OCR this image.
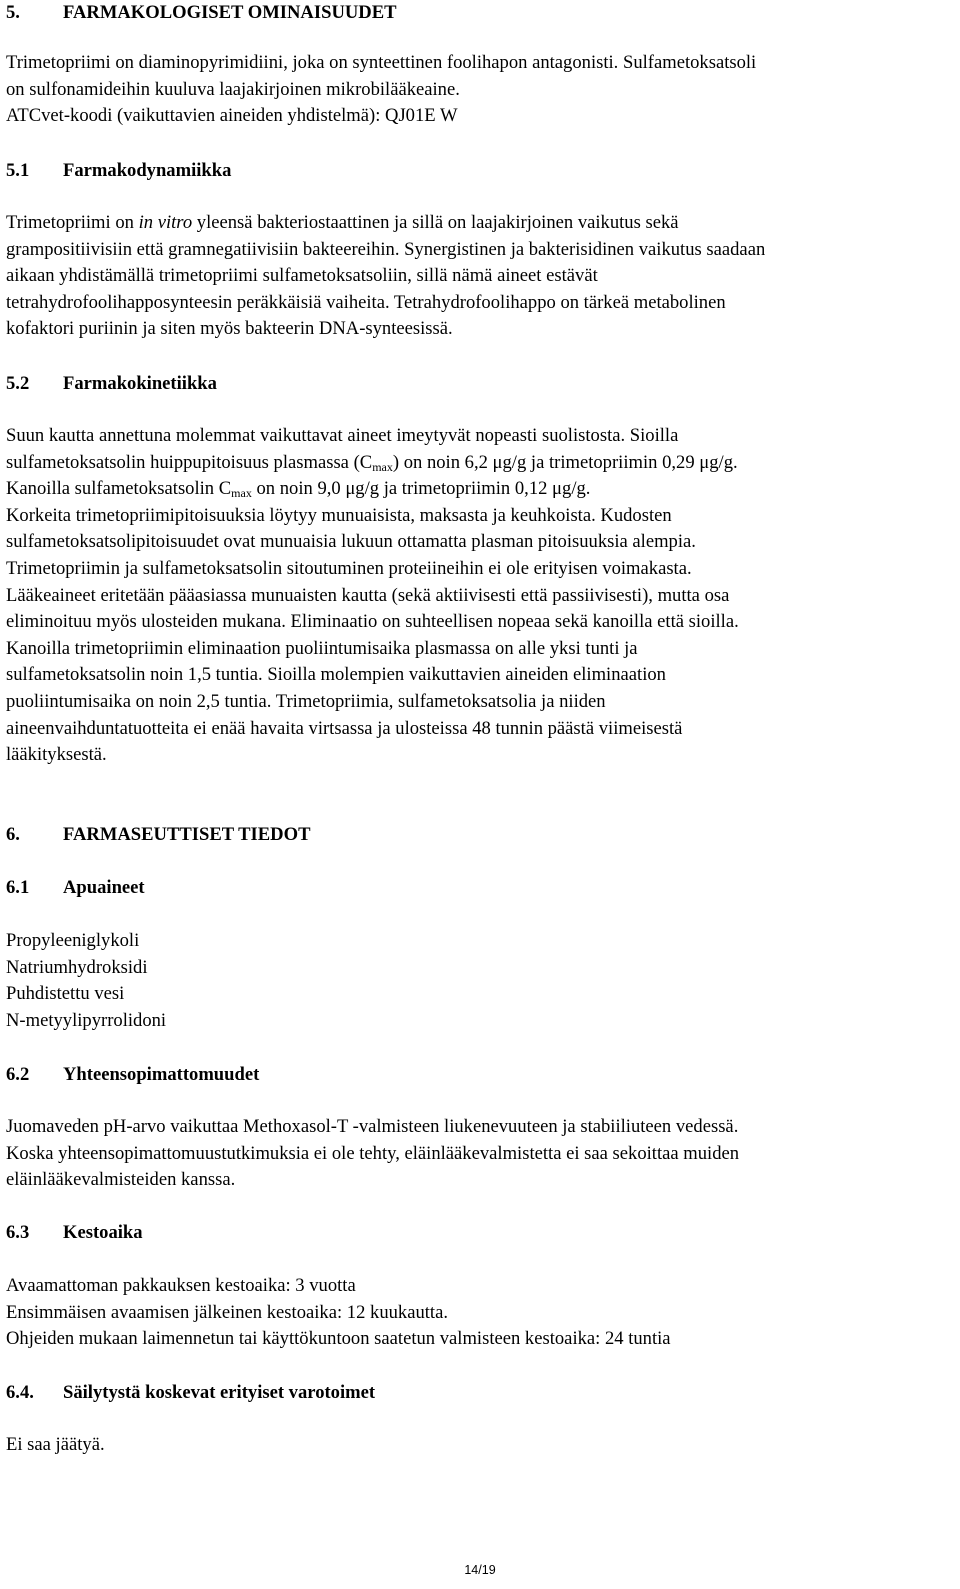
5. FARMAKOLOGISET OMINAISUUDET
Trimetopriimi on diaminopyrimidiini, joka on synteettinen foolihapon antagonisti. Sulfametoksatsoli
on sulfonamideihin kuuluva laajakirjoinen mikrobilääkeaine.
ATCvet-koodi (vaikuttavien aineiden yhdistelmä): QJ01E W
5.1 Farmakodynamiikka
Trimetopriimi on in vitro yleensä bakteriostaattinen ja sillä on laajakirjoinen vaikutus sekä
grampositiivisiin että gramnegatiivisiin bakteereihin. Synergistinen ja bakterisidinen vaikutus saadaan
aikaan yhdistämällä trimetopriimi sulfametoksatsoliin, sillä nämä aineet estävät
tetrahydrofoolihapposynteesin peräkkäisiä vaiheita. Tetrahydrofoolihappo on tärkeä metabolinen
kofaktori puriinin ja siten myös bakteerin DNA-synteesissä.
5.2 Farmakokinetiikka
Suun kautta annettuna molemmat vaikuttavat aineet imeytyvät nopeasti suolistosta. Sioilla
sulfametoksatsolin huippupitoisuus plasmassa (Cmax) on noin 6,2 μg/g ja trimetopriimin 0,29 μg/g.
Kanoilla sulfametoksatsolin Cmax on noin 9,0 μg/g ja trimetopriimin 0,12 μg/g.
Korkeita trimetopriimipitoisuuksia löytyy munuaisista, maksasta ja keuhkoista. Kudosten
sulfametoksatsolipitoisuudet ovat munuaisia lukuun ottamatta plasman pitoisuuksia alempia.
Trimetopriimin ja sulfametoksatsolin sitoutuminen proteiineihin ei ole erityisen voimakasta.
Lääkeaineet eritetään pääasiassa munuaisten kautta (sekä aktiivisesti että passiivisesti), mutta osa
eliminoituu myös ulosteiden mukana. Eliminaatio on suhteellisen nopeaa sekä kanoilla että sioilla.
Kanoilla trimetopriimin eliminaation puoliintumisaika plasmassa on alle yksi tunti ja
sulfametoksatsolin noin 1,5 tuntia. Sioilla molempien vaikuttavien aineiden eliminaation
puoliintumisaika on noin 2,5 tuntia. Trimetopriimia, sulfametoksatsolia ja niiden
aineenvaihduntatuotteita ei enää havaita virtsassa ja ulosteissa 48 tunnin päästä viimeisestä
lääkityksestä.
6. FARMASEUTTISET TIEDOT
6.1 Apuaineet
Propyleeniglykoli
Natriumhydroksidi
Puhdistettu vesi
N-metyylipyrrolidoni
6.2 Yhteensopimattomuudet
Juomaveden pH-arvo vaikuttaa Methoxasol-T -valmisteen liukenevuuteen ja stabiiliuteen vedessä.
Koska yhteensopimattomuustutkimuksia ei ole tehty, eläinlääkevalmistetta ei saa sekoittaa muiden
eläinlääkevalmisteiden kanssa.
6.3 Kestoaika
Avaamattoman pakkauksen kestoaika: 3 vuotta
Ensimmäisen avaamisen jälkeinen kestoaika: 12 kuukautta.
Ohjeiden mukaan laimennetun tai käyttökuntoon saatetun valmisteen kestoaika: 24 tuntia
6.4. Säilytystä koskevat erityiset varotoimet
Ei saa jäätyä.
14/19
